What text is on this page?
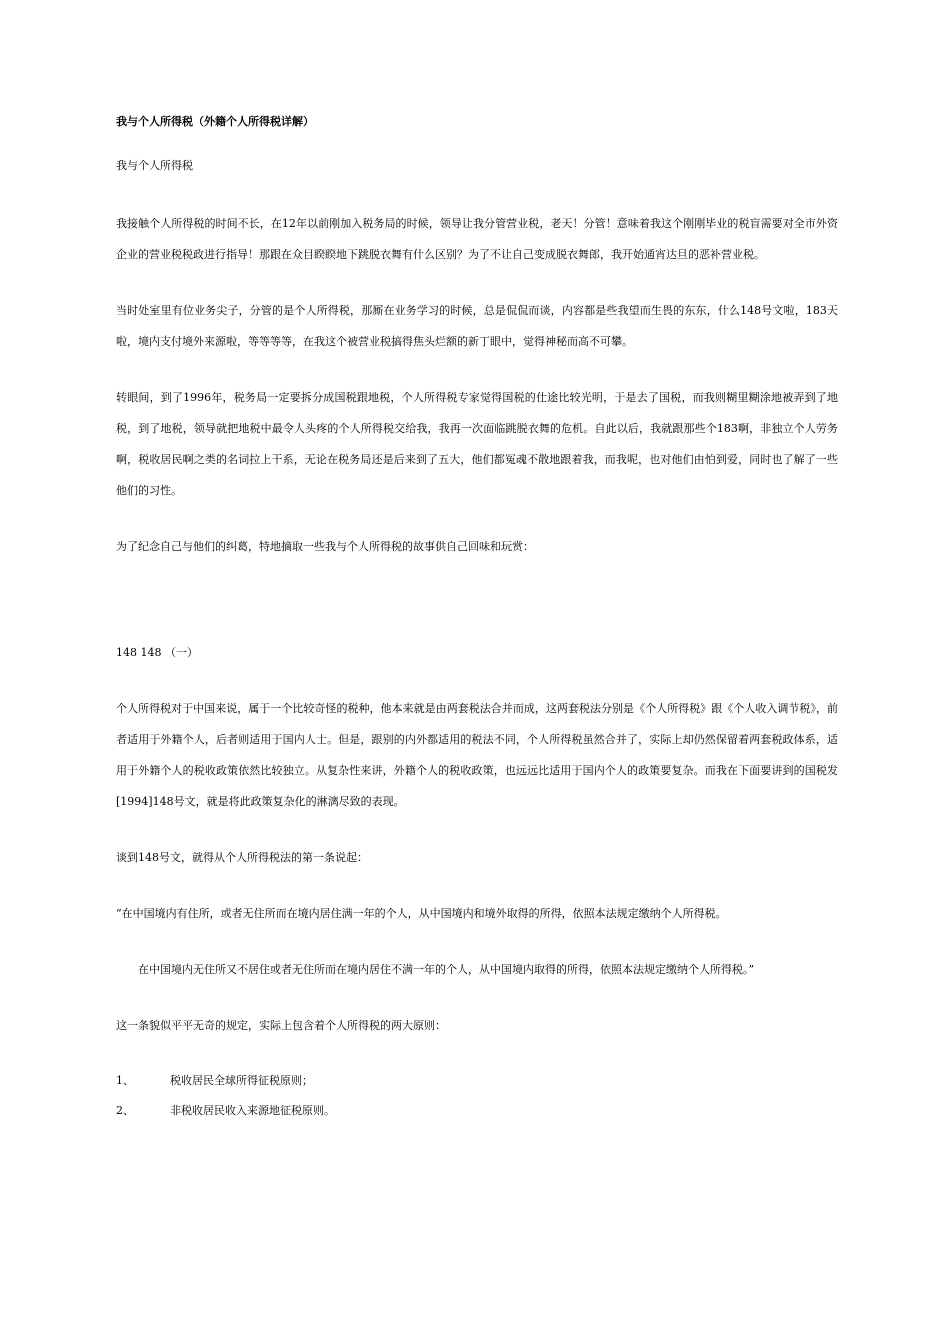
我与个人所得税（外籍个人所得税详解）

我与个人所得税

我接触个人所得税的时间不长，在12年以前刚加入税务局的时候，领导让我分管营业税，老天！分管！意味着我这个刚刚毕业的税盲需要对全市外资企业的营业税税政进行指导！那跟在众目睽睽地下跳脱衣舞有什么区别？为了不让自己变成脱衣舞郎，我开始通宵达旦的恶补营业税。

当时处室里有位业务尖子，分管的是个人所得税，那厮在业务学习的时候，总是侃侃而谈，内容都是些我望而生畏的东东，什么148号文啦，183天啦，境内支付境外来源啦，等等等等，在我这个被营业税搞得焦头烂额的新丁眼中，觉得神秘而高不可攀。

转眼间，到了1996年，税务局一定要拆分成国税跟地税，个人所得税专家觉得国税的仕途比较光明，于是去了国税，而我则糊里糊涂地被弄到了地税，到了地税，领导就把地税中最令人头疼的个人所得税交给我，我再一次面临跳脱衣舞的危机。自此以后，我就跟那些个183啊，非独立个人劳务啊，税收居民啊之类的名词拉上干系，无论在税务局还是后来到了五大，他们都冤魂不散地跟着我，而我呢，也对他们由怕到爱，同时也了解了一些他们的习性。

为了纪念自己与他们的纠葛，特地摘取一些我与个人所得税的故事供自己回味和玩赏：

148 148 （一）

个人所得税对于中国来说，属于一个比较奇怪的税种，他本来就是由两套税法合并而成，这两套税法分别是《个人所得税》跟《个人收入调节税》，前者适用于外籍个人，后者则适用于国内人士。但是，跟别的内外都适用的税法不同，个人所得税虽然合并了，实际上却仍然保留着两套税政体系，适用于外籍个人的税收政策依然比较独立。从复杂性来讲，外籍个人的税收政策，也远远比适用于国内个人的政策要复杂。而我在下面要讲到的国税发[1994]148号文，就是将此政策复杂化的淋漓尽致的表现。

谈到148号文，就得从个人所得税法的第一条说起：

“在中国境内有住所，或者无住所而在境内居住满一年的个人，从中国境内和境外取得的所得，依照本法规定缴纳个人所得税。

在中国境内无住所又不居住或者无住所而在境内居住不满一年的个人，从中国境内取得的所得，依照本法规定缴纳个人所得税。”

这一条貌似平平无奇的规定，实际上包含着个人所得税的两大原则：

1、	税收居民全球所得征税原则；
2、	非税收居民收入来源地征税原则。
